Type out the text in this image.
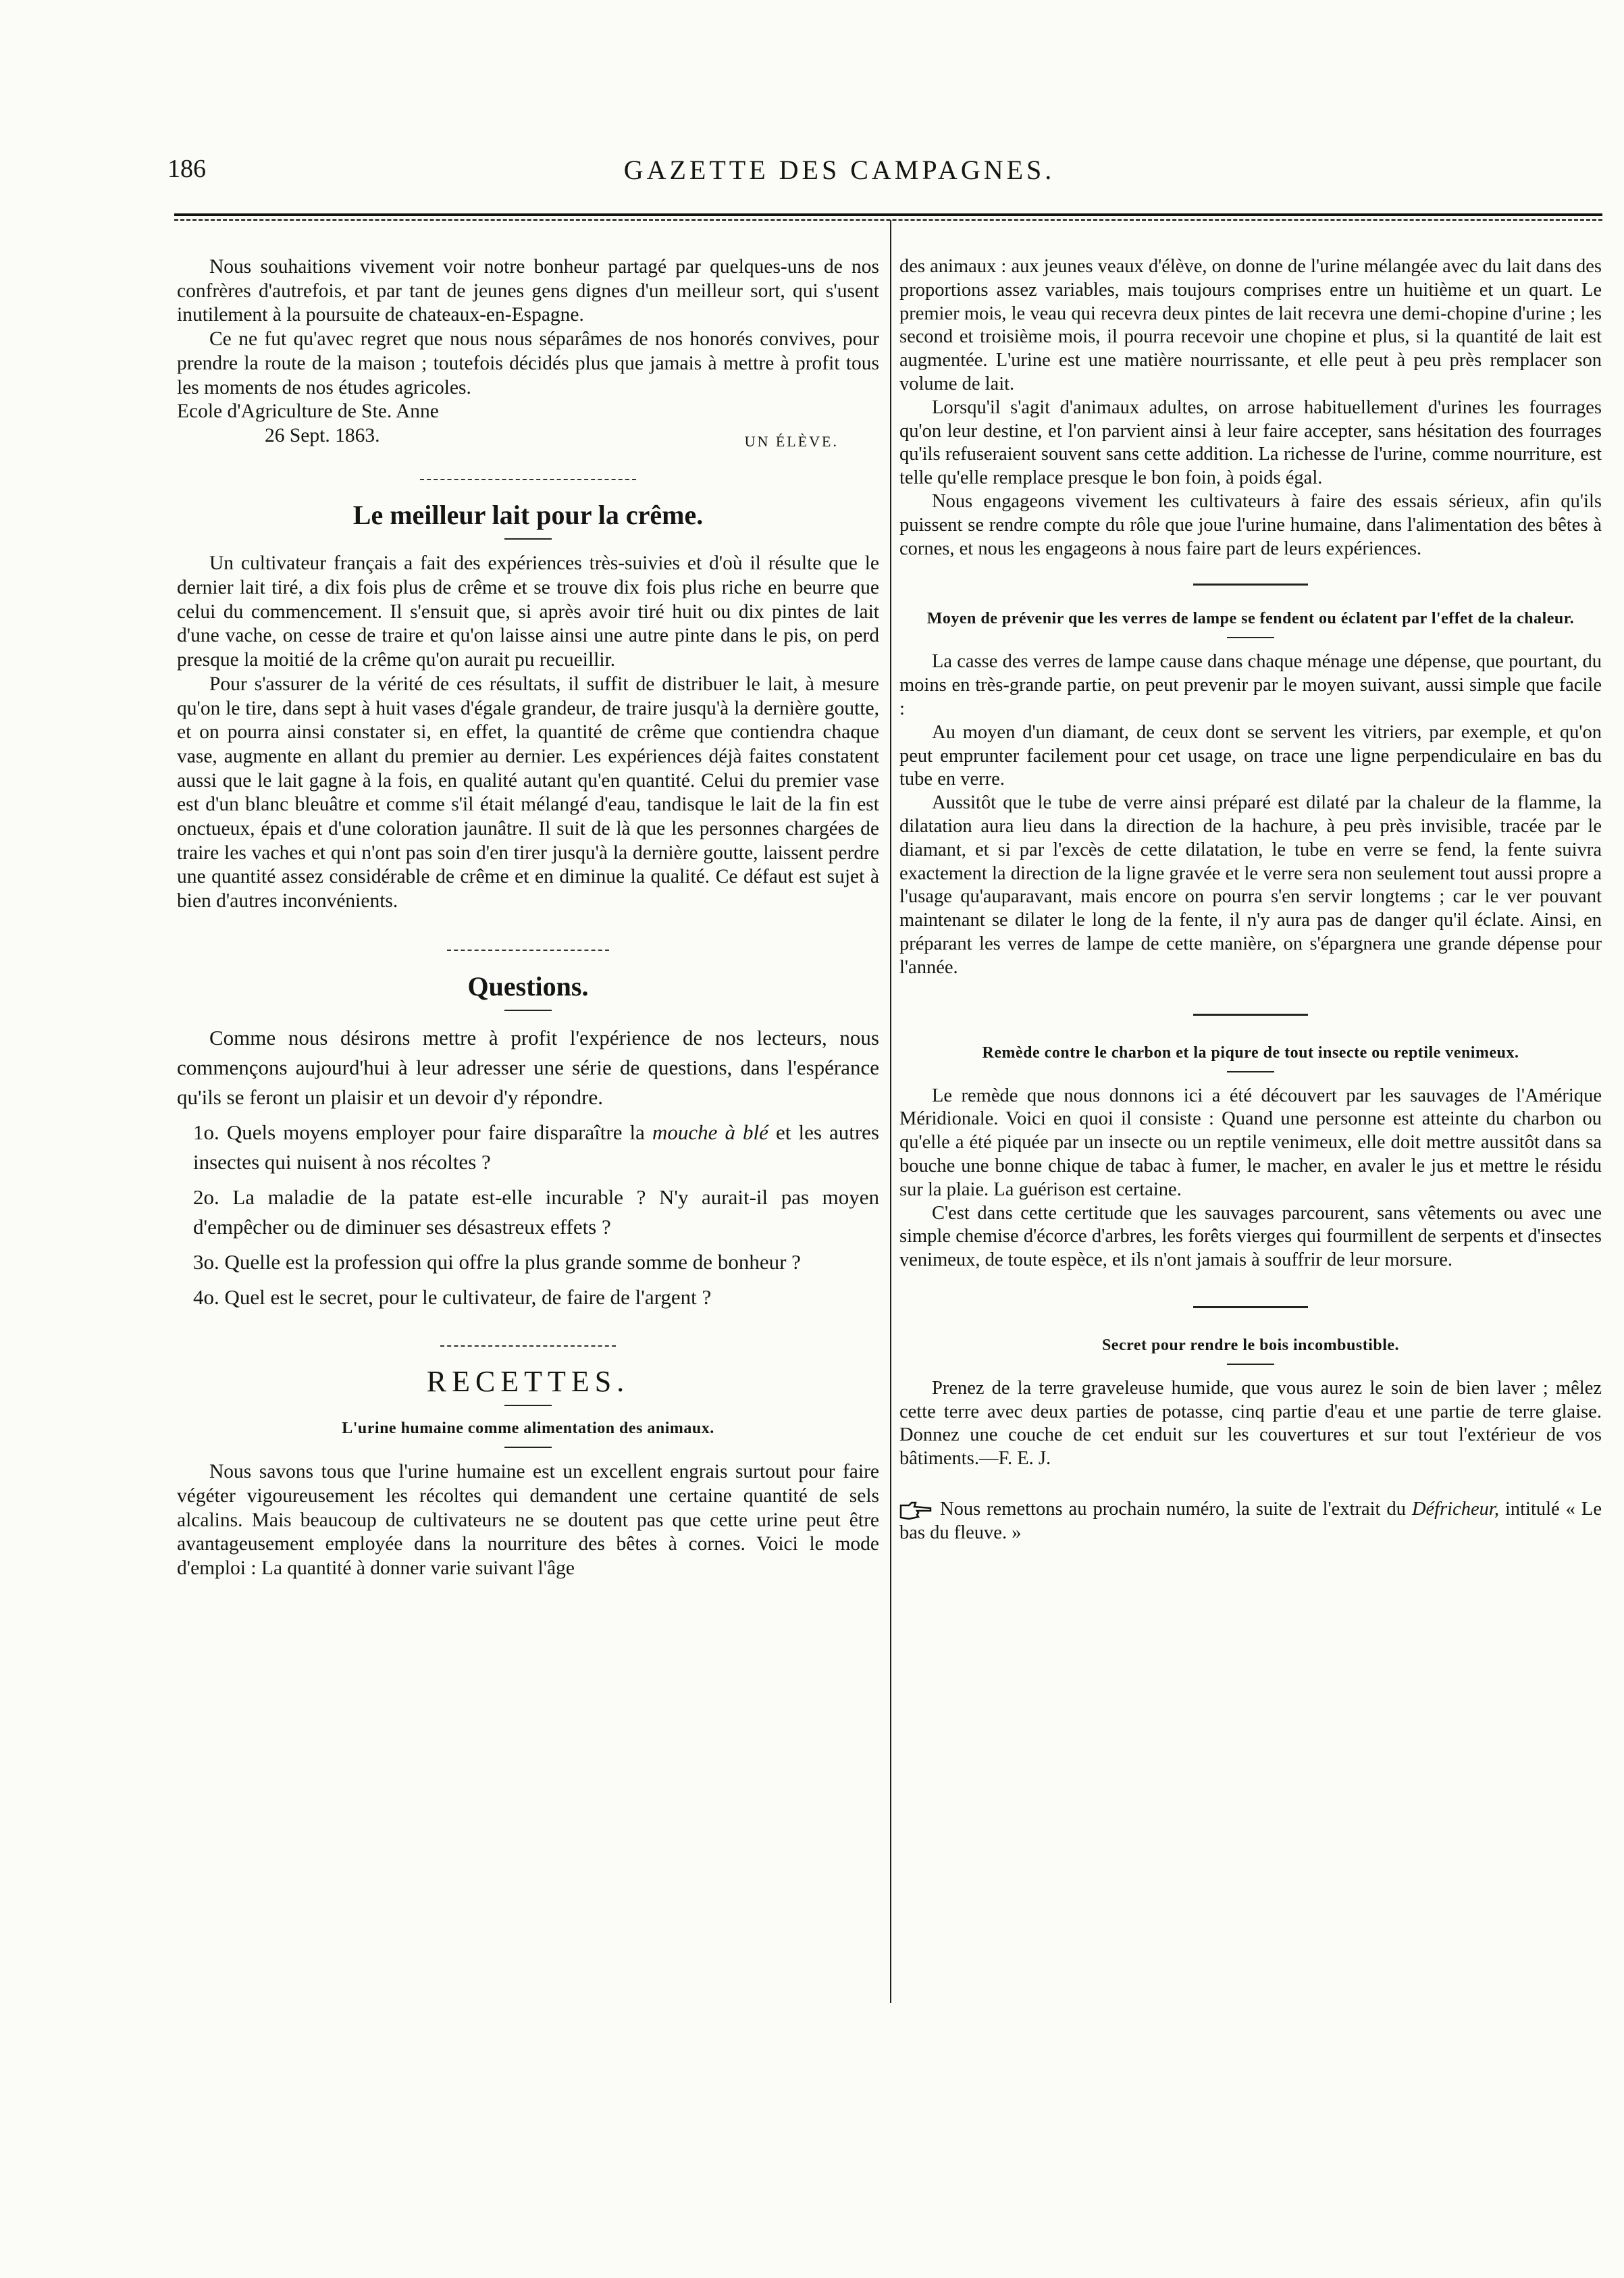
186	GAZETTE DES CAMPAGNES.

Nous souhaitions vivement voir notre bonheur partagé par quelques-uns de nos confrères d'autrefois, et par tant de jeunes gens dignes d'un meilleur sort, qui s'usent inutilement à la poursuite de chateaux-en-Espagne.

Ce ne fut qu'avec regret que nous nous séparâmes de nos honorés convives, pour prendre la route de la maison ; toutefois décidés plus que jamais à mettre à profit tous les moments de nos études agricoles.

Ecole d'Agriculture de Ste. Anne

26 Sept. 1863.	UN ÉLÈVE.
Le meilleur lait pour la crême.

Un cultivateur français a fait des expériences très-suivies et d'où il résulte que le dernier lait tiré, a dix fois plus de crême et se trouve dix fois plus riche en beurre que celui du commencement. Il s'ensuit que, si après avoir tiré huit ou dix pintes de lait d'une vache, on cesse de traire et qu'on laisse ainsi une autre pinte dans le pis, on perd presque la moitié de la crême qu'on aurait pu recueillir.

Pour s'assurer de la vérité de ces résultats, il suffit de distribuer le lait, à mesure qu'on le tire, dans sept à huit vases d'égale grandeur, de traire jusqu'à la dernière goutte, et on pourra ainsi constater si, en effet, la quantité de crême que contiendra chaque vase, augmente en allant du premier au dernier. Les expériences déjà faites constatent aussi que le lait gagne à la fois, en qualité autant qu'en quantité. Celui du premier vase est d'un blanc bleuâtre et comme s'il était mélangé d'eau, tandisque le lait de la fin est onctueux, épais et d'une coloration jaunâtre. Il suit de là que les personnes chargées de traire les vaches et qui n'ont pas soin d'en tirer jusqu'à la dernière goutte, laissent perdre une quantité assez considérable de crême et en diminue la qualité. Ce défaut est sujet à bien d'autres inconvénients.

Questions.

Comme nous désirons mettre à profit l'expérience de nos lecteurs, nous commençons aujourd'hui à leur adresser une série de questions, dans l'espérance qu'ils se feront un plaisir et un devoir d'y répondre.

1o. Quels moyens employer pour faire disparaître la mouche à blé et les autres insectes qui nuisent à nos récoltes ?

2o. La maladie de la patate est-elle incurable ? N'y aurait-il pas moyen d'empêcher ou de diminuer ses désastreux effets ?

3o. Quelle est la profession qui offre la plus grande somme de bonheur ?

4o. Quel est le secret, pour le cultivateur, de faire de l'argent ?

RECETTES.
L'urine humaine comme alimentation des animaux.

Nous savons tous que l'urine humaine est un excellent engrais surtout pour faire végéter vigoureusement les récoltes qui demandent une certaine quantité de sels alcalins. Mais beaucoup de cultivateurs ne se doutent pas que cette urine peut être avantageusement employée dans la nourriture des bêtes à cornes. Voici le mode d'emploi : La quantité à donner varie suivant l'âge

des animaux : aux jeunes veaux d'élève, on donne de l'urine mélangée avec du lait dans des proportions assez variables, mais toujours comprises entre un huitième et un quart. Le premier mois, le veau qui recevra deux pintes de lait recevra une demi-chopine d'urine ; les second et troisième mois, il pourra recevoir une chopine et plus, si la quantité de lait est augmentée. L'urine est une matière nourrissante, et elle peut à peu près remplacer son volume de lait.

Lorsqu'il s'agit d'animaux adultes, on arrose habituellement d'urines les fourrages qu'on leur destine, et l'on parvient ainsi à leur faire accepter, sans hésitation des fourrages qu'ils refuseraient souvent sans cette addition. La richesse de l'urine, comme nourriture, est telle qu'elle remplace presque le bon foin, à poids égal.

Nous engageons vivement les cultivateurs à faire des essais sérieux, afin qu'ils puissent se rendre compte du rôle que joue l'urine humaine, dans l'alimentation des bêtes à cornes, et nous les engageons à nous faire part de leurs expériences.

Moyen de prévenir que les verres de lampe se fendent ou éclatent par l'effet de la chaleur.

La casse des verres de lampe cause dans chaque ménage une dépense, que pourtant, du moins en très-grande partie, on peut prevenir par le moyen suivant, aussi simple que facile :

Au moyen d'un diamant, de ceux dont se servent les vitriers, par exemple, et qu'on peut emprunter facilement pour cet usage, on trace une ligne perpendiculaire en bas du tube en verre.

Aussitôt que le tube de verre ainsi préparé est dilaté par la chaleur de la flamme, la dilatation aura lieu dans la direction de la hachure, à peu près invisible, tracée par le diamant, et si par l'excès de cette dilatation, le tube en verre se fend, la fente suivra exactement la direction de la ligne gravée et le verre sera non seulement tout aussi propre a l'usage qu'auparavant, mais encore on pourra s'en servir longtems ; car le ver pouvant maintenant se dilater le long de la fente, il n'y aura pas de danger qu'il éclate. Ainsi, en préparant les verres de lampe de cette manière, on s'épargnera une grande dépense pour l'année.

Remède contre le charbon et la piqure de tout insecte ou reptile venimeux.

Le remède que nous donnons ici a été découvert par les sauvages de l'Amérique Méridionale. Voici en quoi il consiste : Quand une personne est atteinte du charbon ou qu'elle a été piquée par un insecte ou un reptile venimeux, elle doit mettre aussitôt dans sa bouche une bonne chique de tabac à fumer, le macher, en avaler le jus et mettre le résidu sur la plaie. La guérison est certaine.

C'est dans cette certitude que les sauvages parcourent, sans vêtements ou avec une simple chemise d'écorce d'arbres, les forêts vierges qui fourmillent de serpents et d'insectes venimeux, de toute espèce, et ils n'ont jamais à souffrir de leur morsure.

Secret pour rendre le bois incombustible.

Prenez de la terre graveleuse humide, que vous aurez le soin de bien laver ; mêlez cette terre avec deux parties de potasse, cinq partie d'eau et une partie de terre glaise. Donnez une couche de cet enduit sur les couvertures et sur tout l'extérieur de vos bâtiments.—F. E. J.

Nous remettons au prochain numéro, la suite de l'extrait du Défricheur, intitulé « Le bas du fleuve. »
